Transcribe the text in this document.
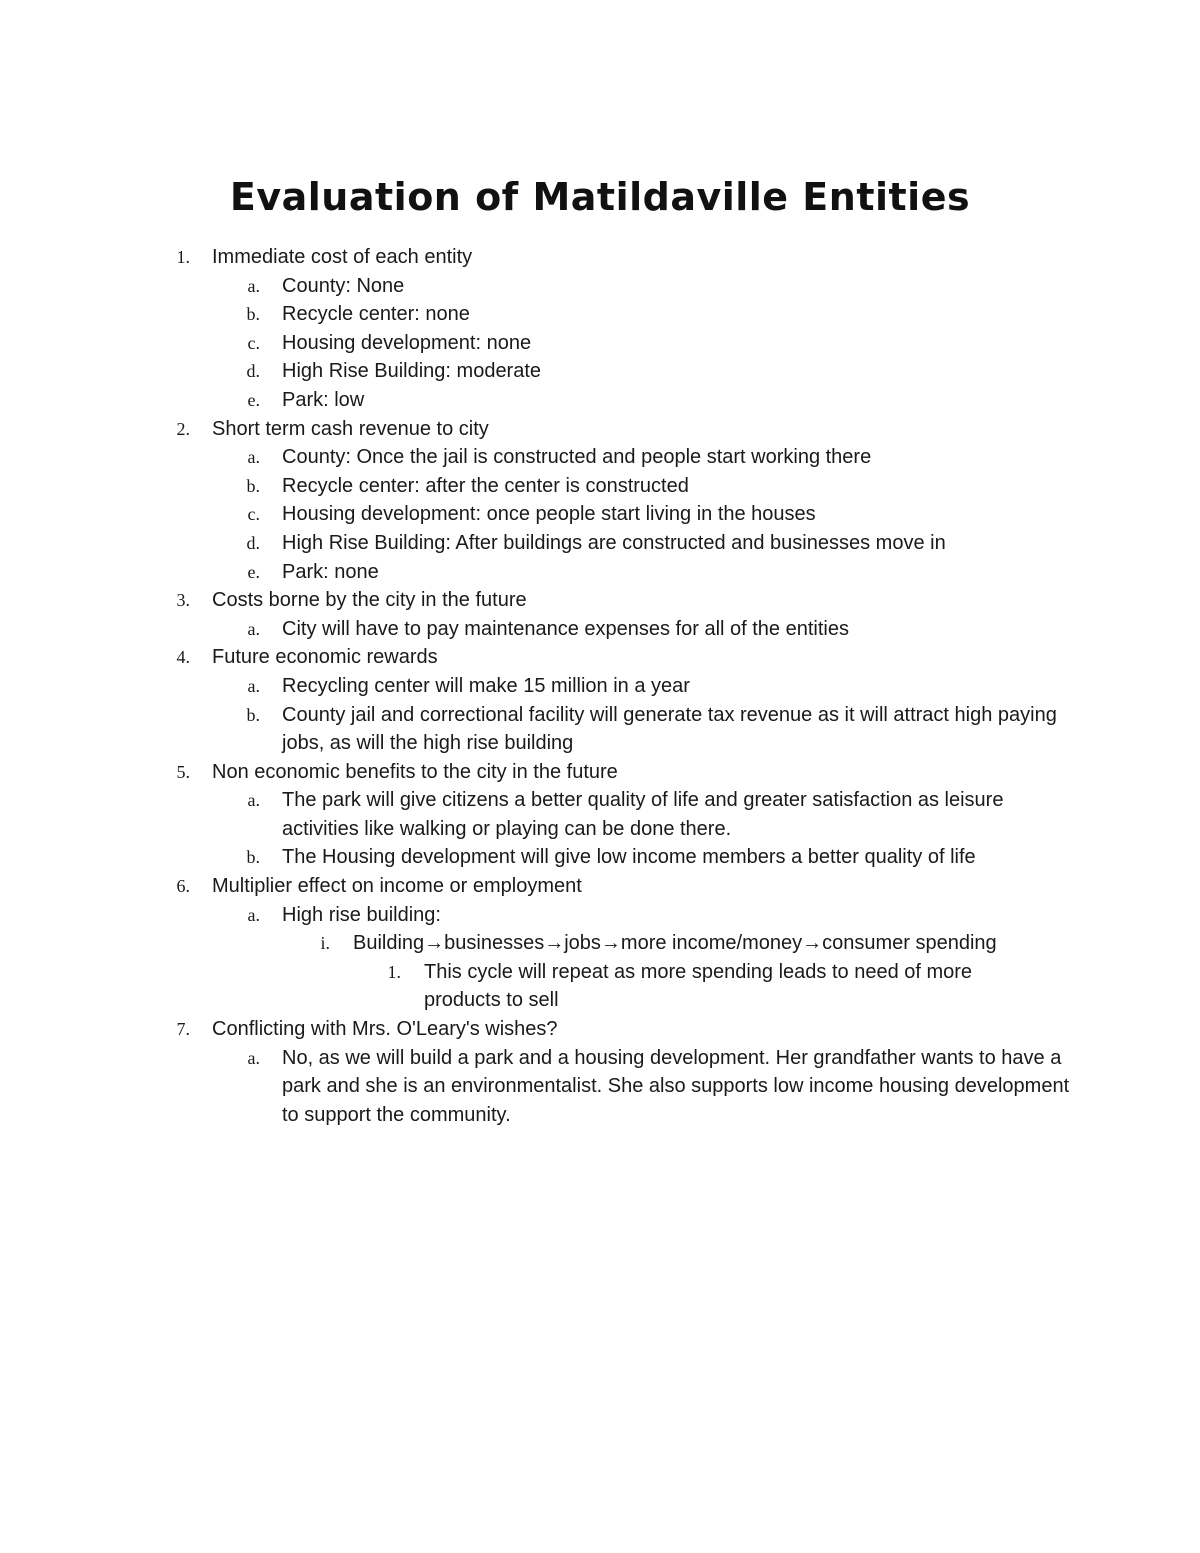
Evaluation of Matildaville Entities
1. Immediate cost of each entity
a. County: None
b. Recycle center: none
c. Housing development: none
d. High Rise Building: moderate
e. Park: low
2. Short term cash revenue to city
a. County: Once the jail is constructed and people start working there
b. Recycle center: after the center is constructed
c. Housing development: once people start living in the houses
d. High Rise Building: After buildings are constructed and businesses move in
e. Park: none
3. Costs borne by the city in the future
a. City will have to pay maintenance expenses for all of the entities
4. Future economic rewards
a. Recycling center will make 15 million in a year
b. County jail and correctional facility will generate tax revenue as it will attract high paying jobs, as will the high rise building
5. Non economic benefits to the city in the future
a. The park will give citizens a better quality of life and greater satisfaction as leisure activities like walking or playing can be done there.
b. The Housing development will give low income members a better quality of life
6. Multiplier effect on income or employment
a. High rise building:
i. Building→businesses→jobs→more income/money→consumer spending
1. This cycle will repeat as more spending leads to need of more products to sell
7. Conflicting with Mrs. O'Leary's wishes?
a. No, as we will build a park and a housing development. Her grandfather wants to have a park and she is an environmentalist. She also supports low income housing development to support the community.
